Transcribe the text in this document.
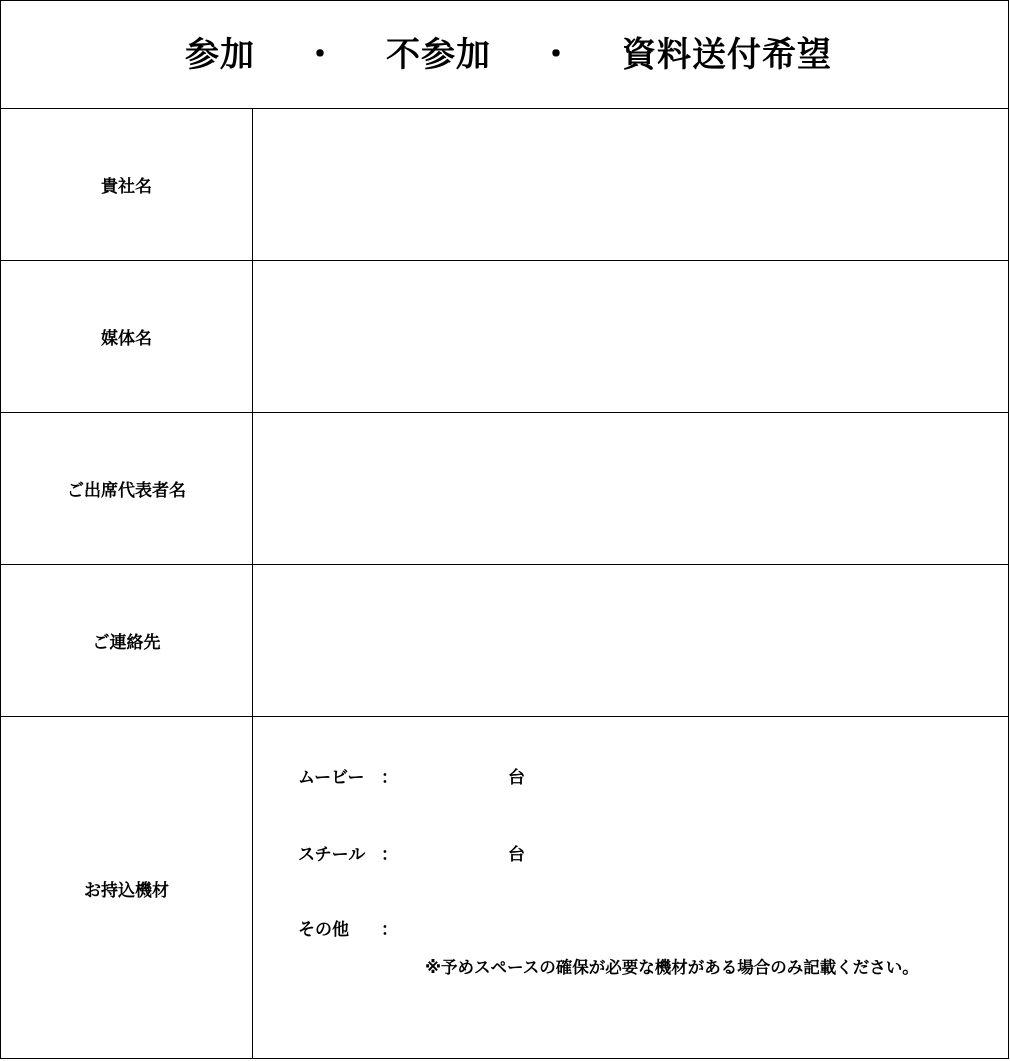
参加 ・ 不参加 ・ 資料送付希望
貴社名
媒体名
ご出席代表者名
ご連絡先
お持込機材
ムービー ：	台
スチール ：	台
その他 ：
※予めスペースの確保が必要な機材がある場合のみ記載ください。
